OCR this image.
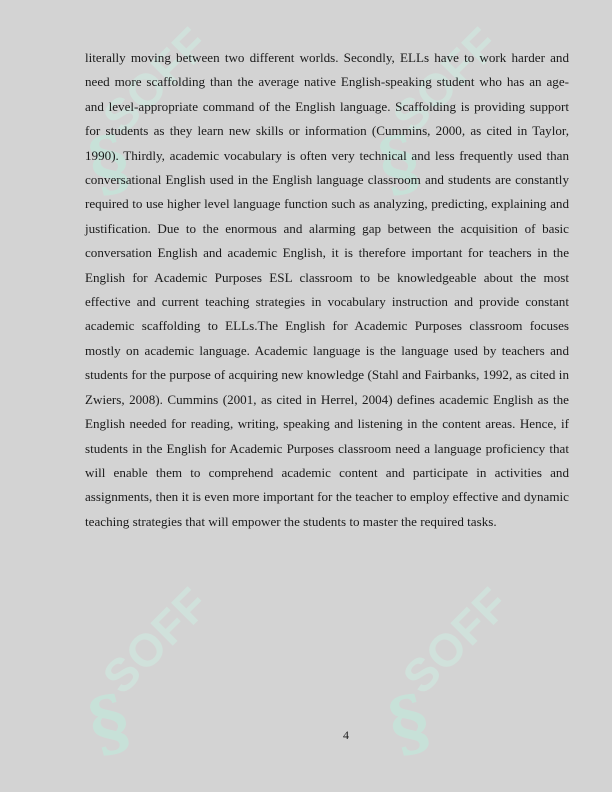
§
SOFF
§
SOFF
§
SOFF
§
SOFF

literally moving between two different worlds. Secondly, ELLs have to work harder and need more scaffolding than the average native English-speaking student who has an age- and level-appropriate command of the English language. Scaffolding is providing support for students as they learn new skills or information (Cummins, 2000, as cited in Taylor, 1990). Thirdly, academic vocabulary is often very technical and less frequently used than conversational English used in the English language classroom and students are constantly required to use higher level language function such as analyzing, predicting, explaining and justification. Due to the enormous and alarming gap between the acquisition of basic conversation English and academic English, it is therefore important for teachers in the English for Academic Purposes ESL classroom to be knowledgeable about the most effective and current teaching strategies in vocabulary instruction and provide constant academic scaffolding to ELLs.The English for Academic Purposes classroom focuses mostly on academic language. Academic language is the language used by teachers and students for the purpose of acquiring new knowledge (Stahl and Fairbanks, 1992, as cited in Zwiers, 2008). Cummins (2001, as cited in Herrel, 2004) defines academic English as the English needed for reading, writing, speaking and listening in the content areas. Hence, if students in the English for Academic Purposes classroom need a language proficiency that will enable them to comprehend academic content and participate in activities and assignments, then it is even more important for the teacher to employ effective and dynamic teaching strategies that will empower the students to master the required tasks.

4
